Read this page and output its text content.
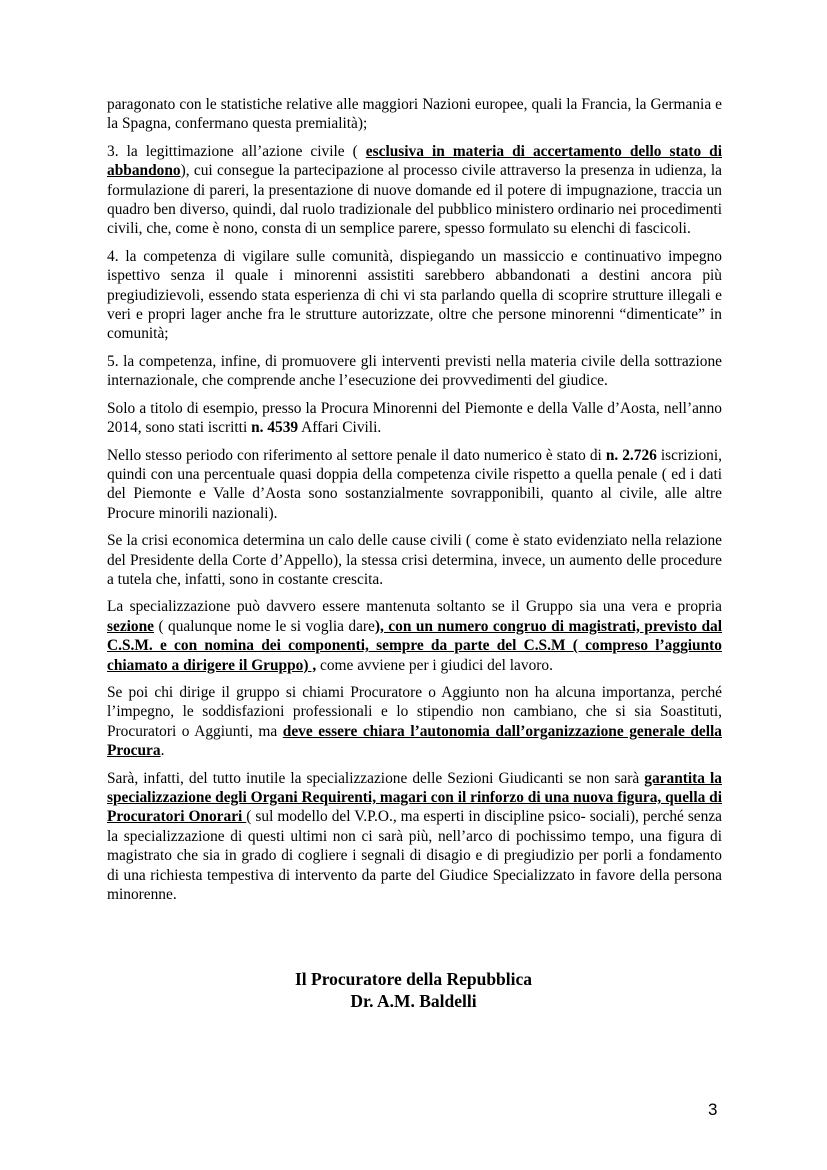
paragonato con le statistiche relative alle maggiori Nazioni europee, quali la Francia, la Germania e la Spagna, confermano questa premialità);

3. la legittimazione all’azione civile ( esclusiva in materia di accertamento dello stato di abbandono), cui consegue la partecipazione al processo civile attraverso la presenza in udienza, la formulazione di pareri, la presentazione di nuove domande ed il potere di impugnazione, traccia un quadro ben diverso, quindi, dal ruolo tradizionale del pubblico ministero ordinario nei procedimenti civili, che, come è nono, consta di un semplice parere, spesso formulato su elenchi di fascicoli.

4. la competenza di vigilare sulle comunità, dispiegando un massiccio e continuativo impegno ispettivo senza il quale i minorenni assistiti sarebbero abbandonati a destini ancora più pregiudizievoli, essendo stata esperienza di chi vi sta parlando quella di scoprire strutture illegali e veri e propri lager anche fra le strutture autorizzate, oltre che persone minorenni “dimenticate” in comunità;

5. la competenza, infine, di promuovere gli interventi previsti nella materia civile della sottrazione internazionale, che comprende anche l’esecuzione dei provvedimenti del giudice.

Solo a titolo di esempio, presso la Procura Minorenni del Piemonte e della Valle d’Aosta, nell’anno 2014, sono stati iscritti n. 4539 Affari Civili.

Nello stesso periodo con riferimento al settore penale il dato numerico è stato di n. 2.726 iscrizioni, quindi con una percentuale quasi doppia della competenza civile rispetto a quella penale ( ed i dati del Piemonte e Valle d’Aosta sono sostanzialmente sovrapponibili, quanto al civile, alle altre Procure minorili nazionali).

Se la crisi economica determina un calo delle cause civili ( come è stato evidenziato nella relazione del Presidente della Corte d’Appello), la stessa crisi determina, invece, un aumento delle procedure a tutela che, infatti, sono in costante crescita.

La specializzazione può davvero essere mantenuta soltanto se il Gruppo sia una vera e propria sezione ( qualunque nome le si voglia dare), con un numero congruo di magistrati, previsto dal C.S.M. e con nomina dei componenti, sempre da parte del C.S.M ( compreso l’aggiunto chiamato a dirigere il Gruppo) , come avviene per i giudici del lavoro.

Se poi chi dirige il gruppo si chiami Procuratore o Aggiunto non ha alcuna importanza, perché l’impegno, le soddisfazioni professionali e lo stipendio non cambiano, che si sia Soastituti, Procuratori o Aggiunti, ma deve essere chiara l’autonomia dall’organizzazione generale della Procura.

Sarà, infatti, del tutto inutile la specializzazione delle Sezioni Giudicanti se non sarà garantita la specializzazione degli Organi Requirenti, magari con il rinforzo di una nuova figura, quella di Procuratori Onorari ( sul modello del V.P.O., ma esperti in discipline psico- sociali), perché senza la specializzazione di questi ultimi non ci sarà più, nell’arco di pochissimo tempo, una figura di magistrato che sia in grado di cogliere i segnali di disagio e di pregiudizio per porli a fondamento di una richiesta tempestiva di intervento da parte del Giudice Specializzato in favore della persona minorenne.

Il Procuratore della Repubblica
Dr. A.M. Baldelli
3
